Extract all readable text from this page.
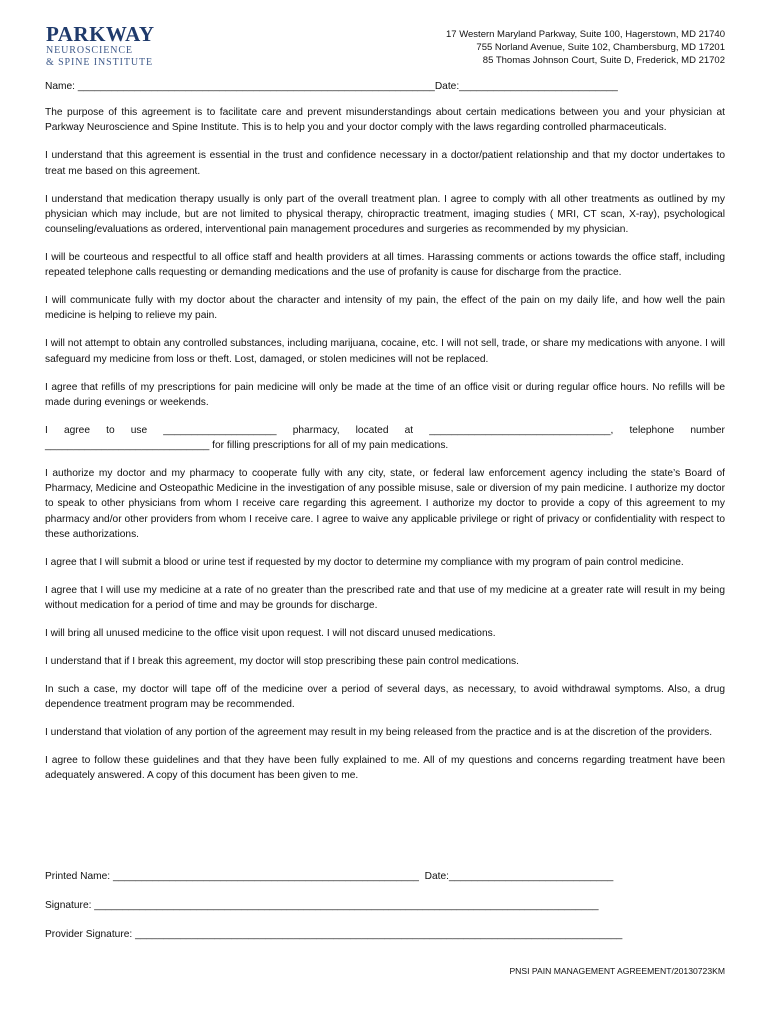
PARKWAY
NEUROSCIENCE
& SPINE INSTITUTE
17 Western Maryland Parkway, Suite 100, Hagerstown, MD 21740
755 Norland Avenue, Suite 102, Chambersburg, MD 17201
85 Thomas Johnson Court, Suite D, Frederick, MD 21702
Name: _______________________________________________________________Date:____________________________

The purpose of this agreement is to facilitate care and prevent misunderstandings about certain medications between you and your physician at Parkway Neuroscience and Spine Institute. This is to help you and your doctor comply with the laws regarding controlled pharmaceuticals.

I understand that this agreement is essential in the trust and confidence necessary in a doctor/patient relationship and that my doctor undertakes to treat me based on this agreement.

I understand that medication therapy usually is only part of the overall treatment plan. I agree to comply with all other treatments as outlined by my physician which may include, but are not limited to physical therapy, chiropractic treatment, imaging studies ( MRI, CT scan, X-ray), psychological counseling/evaluations as ordered, interventional pain management procedures and surgeries as recommended by my physician.

I will be courteous and respectful to all office staff and health providers at all times. Harassing comments or actions towards the office staff, including repeated telephone calls requesting or demanding medications and the use of profanity is cause for discharge from the practice.

I will communicate fully with my doctor about the character and intensity of my pain, the effect of the pain on my daily life, and how well the pain medicine is helping to relieve my pain.

I will not attempt to obtain any controlled substances, including marijuana, cocaine, etc. I will not sell, trade, or share my medications with anyone. I will safeguard my medicine from loss or theft. Lost, damaged, or stolen medicines will not be replaced.

I agree that refills of my prescriptions for pain medicine will only be made at the time of an office visit or during regular office hours. No refills will be made during evenings or weekends.

I agree to use ____________________ pharmacy, located at ________________________________, telephone number
_____________________________ for filling prescriptions for all of my pain medications.

I authorize my doctor and my pharmacy to cooperate fully with any city, state, or federal law enforcement agency including the state’s Board of Pharmacy, Medicine and Osteopathic Medicine in the investigation of any possible misuse, sale or diversion of my pain medicine. I authorize my doctor to speak to other physicians from whom I receive care regarding this agreement. I authorize my doctor to provide a copy of this agreement to my pharmacy and/or other providers from whom I receive care. I agree to waive any applicable privilege or right of privacy or confidentiality with respect to these authorizations.

I agree that I will submit a blood or urine test if requested by my doctor to determine my compliance with my program of pain control medicine.

I agree that I will use my medicine at a rate of no greater than the prescribed rate and that use of my medicine at a greater rate will result in my being without medication for a period of time and may be grounds for discharge.

I will bring all unused medicine to the office visit upon request. I will not discard unused medications.

I understand that if I break this agreement, my doctor will stop prescribing these pain control medications.

In such a case, my doctor will tape off of the medicine over a period of several days, as necessary, to avoid withdrawal symptoms. Also, a drug dependence treatment program may be recommended.

I understand that violation of any portion of the agreement may result in my being released from the practice and is at the discretion of the providers.

I agree to follow these guidelines and that they have been fully explained to me. All of my questions and concerns regarding treatment have been adequately answered. A copy of this document has been given to me.

Printed Name: ______________________________________________________ Date:_____________________________
Signature: _________________________________________________________________________________________
Provider Signature: ______________________________________________________________________________________
PNSI PAIN MANAGEMENT AGREEMENT/20130723KM
